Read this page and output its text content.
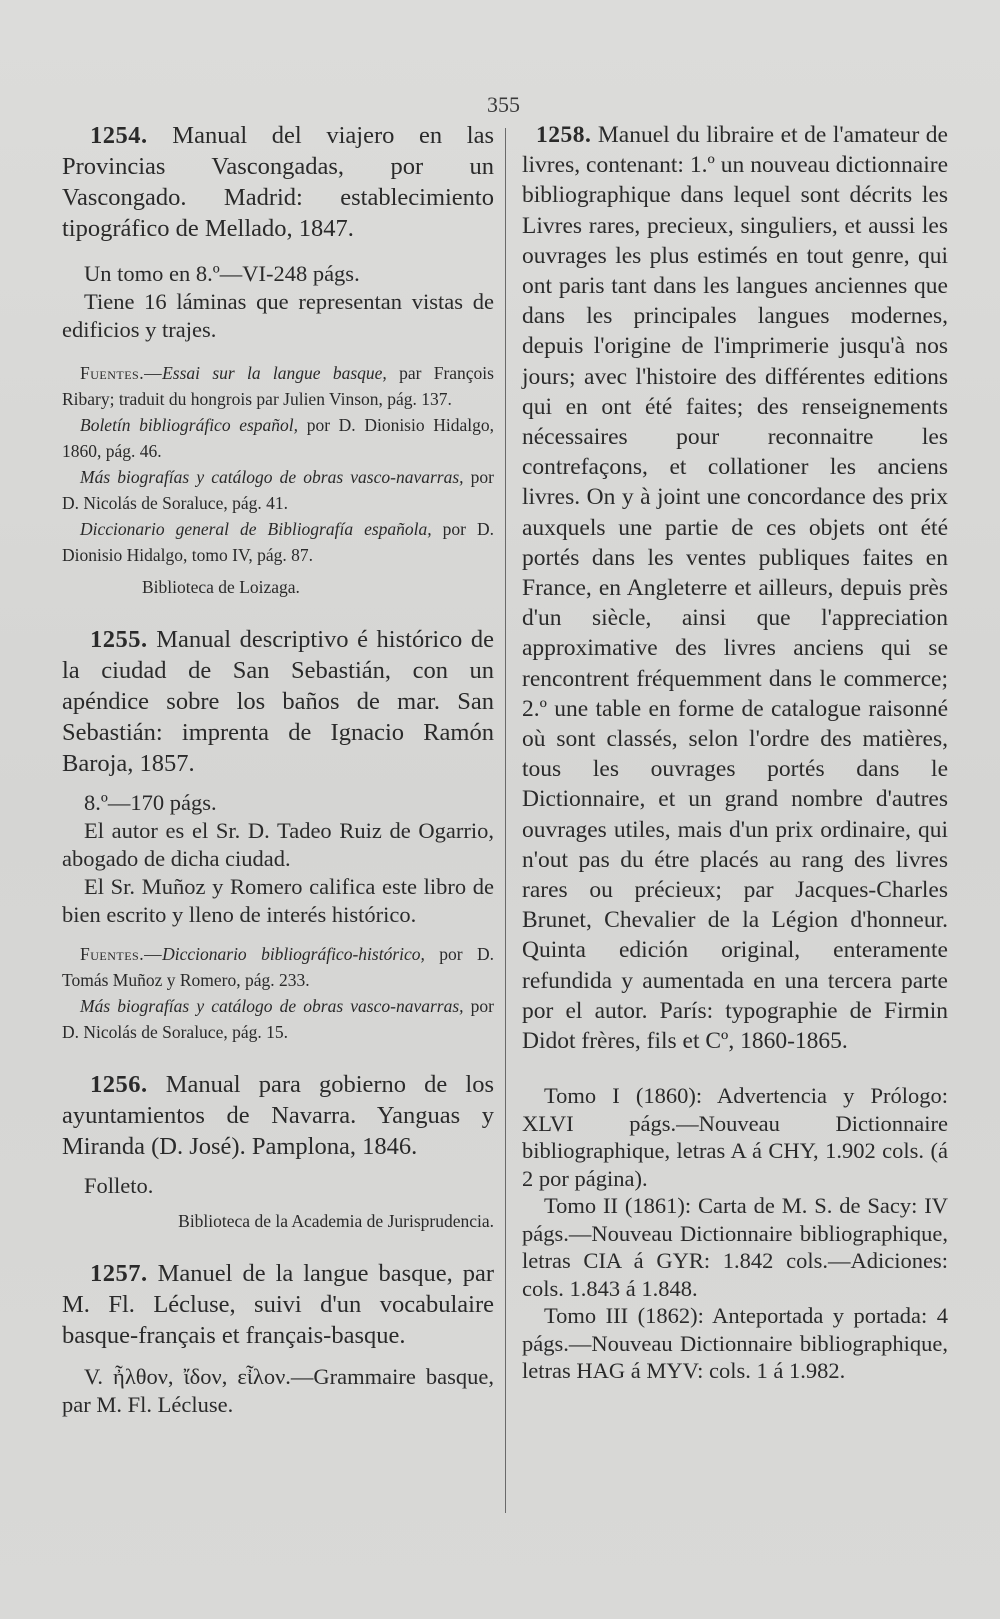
355

1254. Manual del viajero en las Provincias Vascongadas, por un Vascongado. Madrid: establecimiento tipográfico de Mellado, 1847.

Un tomo en 8.º—VI-248 págs.

Tiene 16 láminas que representan vistas de edificios y trajes.

Fuentes.—Essai sur la langue basque, par François Ribary; traduit du hongrois par Julien Vinson, pág. 137.

Boletín bibliográfico español, por D. Dionisio Hidalgo, 1860, pág. 46.

Más biografías y catálogo de obras vasco-navarras, por D. Nicolás de Soraluce, pág. 41.

Diccionario general de Bibliografía española, por D. Dionisio Hidalgo, tomo IV, pág. 87.

Biblioteca de Loizaga.

1255. Manual descriptivo é histórico de la ciudad de San Sebastián, con un apéndice sobre los baños de mar. San Sebastián: imprenta de Ignacio Ramón Baroja, 1857.

8.º—170 págs.

El autor es el Sr. D. Tadeo Ruiz de Ogarrio, abogado de dicha ciudad.

El Sr. Muñoz y Romero califica este libro de bien escrito y lleno de interés histórico.

Fuentes.—Diccionario bibliográfico-histórico, por D. Tomás Muñoz y Romero, pág. 233.

Más biografías y catálogo de obras vasco-navarras, por D. Nicolás de Soraluce, pág. 15.

1256. Manual para gobierno de los ayuntamientos de Navarra. Yanguas y Miranda (D. José). Pamplona, 1846.

Folleto.

Biblioteca de la Academia de Jurisprudencia.

1257. Manuel de la langue basque, par M. Fl. Lécluse, suivi d'un vocabulaire basque-français et français-basque.

V. ἦλθον, ἴδον, εἶλον.—Grammaire basque, par M. Fl. Lécluse.

1258. Manuel du libraire et de l'amateur de livres, contenant: 1.º un nouveau dictionnaire bibliographique dans lequel sont décrits les Livres rares, precieux, singuliers, et aussi les ouvrages les plus estimés en tout genre, qui ont paris tant dans les langues anciennes que dans les principales langues modernes, depuis l'origine de l'imprimerie jusqu'à nos jours; avec l'histoire des différentes editions qui en ont été faites; des renseignements nécessaires pour reconnaitre les contrefaçons, et collationer les anciens livres. On y à joint une concordance des prix auxquels une partie de ces objets ont été portés dans les ventes publiques faites en France, en Angleterre et ailleurs, depuis près d'un siècle, ainsi que l'appreciation approximative des livres anciens qui se rencontrent fréquemment dans le commerce; 2.º une table en forme de catalogue raisonné où sont classés, selon l'ordre des matières, tous les ouvrages portés dans le Dictionnaire, et un grand nombre d'autres ouvrages utiles, mais d'un prix ordinaire, qui n'out pas du étre placés au rang des livres rares ou précieux; par Jacques-Charles Brunet, Chevalier de la Légion d'honneur. Quinta edición original, enteramente refundida y aumentada en una tercera parte por el autor. París: typographie de Firmin Didot frères, fils et Cº, 1860-1865.

Tomo I (1860): Advertencia y Prólogo: XLVI págs.—Nouveau Dictionnaire bibliographique, letras A á CHY, 1.902 cols. (á 2 por página).

Tomo II (1861): Carta de M. S. de Sacy: IV págs.—Nouveau Dictionnaire bibliographique, letras CIA á GYR: 1.842 cols.—Adiciones: cols. 1.843 á 1.848.

Tomo III (1862): Anteportada y portada: 4 págs.—Nouveau Dictionnaire bibliographique, letras HAG á MYV: cols. 1 á 1.982.
